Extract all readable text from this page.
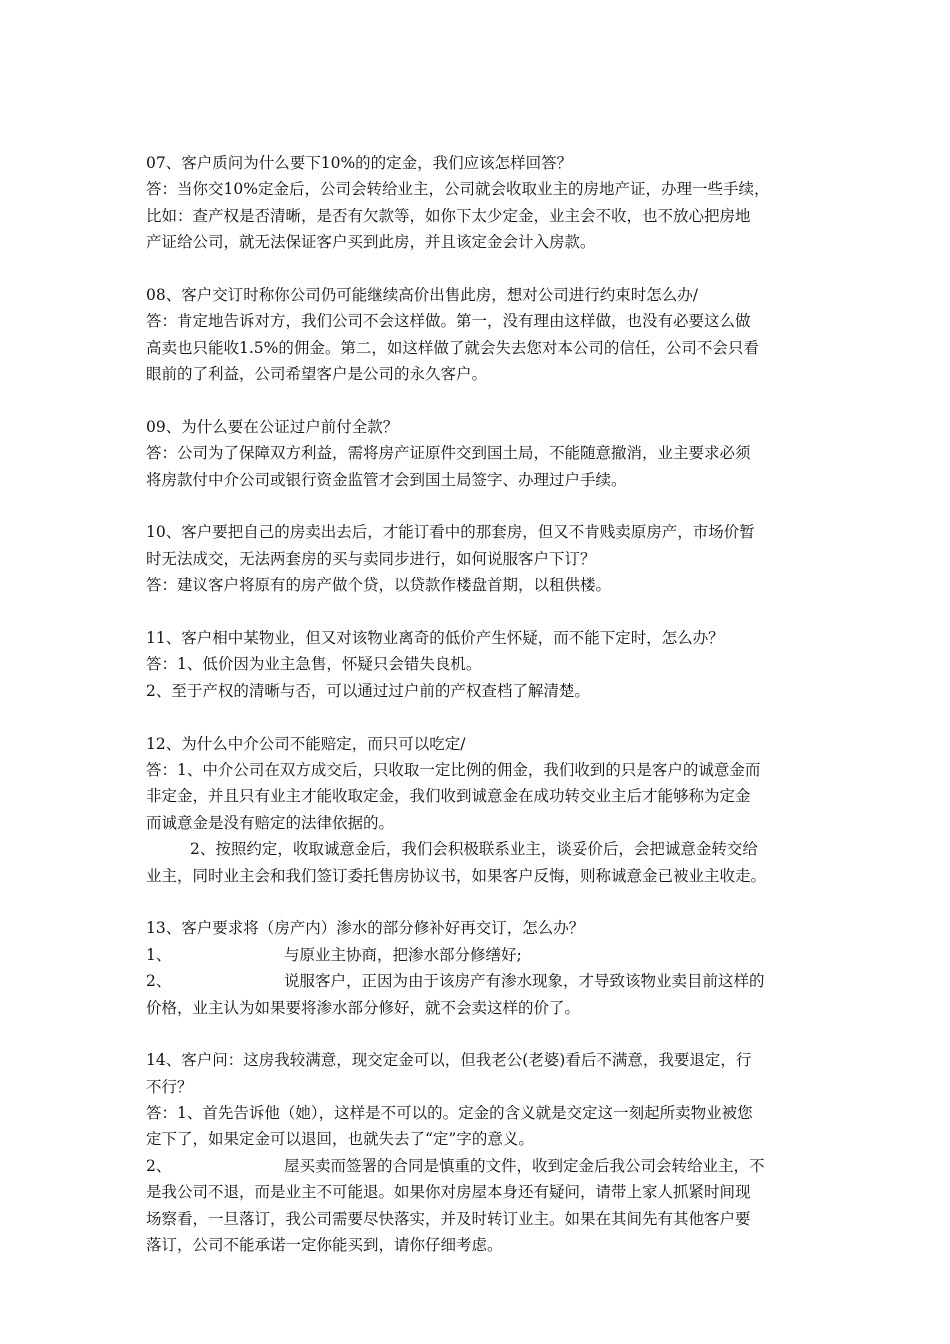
07、客户质问为什么要下10%的的定金，我们应该怎样回答？
答：当你交10%定金后，公司会转给业主，公司就会收取业主的房地产证，办理一些手续，
比如：查产权是否清晰，是否有欠款等，如你下太少定金，业主会不收，也不放心把房地
产证给公司，就无法保证客户买到此房，并且该定金会计入房款。
08、客户交订时称你公司仍可能继续高价出售此房，想对公司进行约束时怎么办/
答：肯定地告诉对方，我们公司不会这样做。第一，没有理由这样做，也没有必要这么做
高卖也只能收1.5%的佣金。第二，如这样做了就会失去您对本公司的信任，公司不会只看
眼前的了利益，公司希望客户是公司的永久客户。
09、为什么要在公证过户前付全款？
答：公司为了保障双方利益，需将房产证原件交到国土局，不能随意撤消，业主要求必须
将房款付中介公司或银行资金监管才会到国土局签字、办理过户手续。
10、客户要把自己的房卖出去后，才能订看中的那套房，但又不肯贱卖原房产，市场价暂
时无法成交，无法两套房的买与卖同步进行，如何说服客户下订？
答：建议客户将原有的房产做个贷，以贷款作楼盘首期，以租供楼。
11、客户相中某物业，但又对该物业离奇的低价产生怀疑，而不能下定时，怎么办？
答：1、低价因为业主急售，怀疑只会错失良机。
2、至于产权的清晰与否，可以通过过户前的产权查档了解清楚。
12、为什么中介公司不能赔定，而只可以吃定/
答：1、中介公司在双方成交后，只收取一定比例的佣金，我们收到的只是客户的诚意金而
非定金，并且只有业主才能收取定金，我们收到诚意金在成功转交业主后才能够称为定金
而诚意金是没有赔定的法律依据的。
2、按照约定，收取诚意金后，我们会积极联系业主，谈妥价后，会把诚意金转交给
业主，同时业主会和我们签订委托售房协议书，如果客户反悔，则称诚意金已被业主收走。
13、客户要求将（房产内）渗水的部分修补好再交订，怎么办？
1、	与原业主协商，把渗水部分修缮好;
2、	说服客户，正因为由于该房产有渗水现象，才导致该物业卖目前这样的
价格，业主认为如果要将渗水部分修好，就不会卖这样的价了。
14、客户问：这房我较满意，现交定金可以，但我老公(老婆)看后不满意，我要退定，行
不行？
答：1、首先告诉他（她），这样是不可以的。定金的含义就是交定这一刻起所卖物业被您
定下了，如果定金可以退回，也就失去了“定”字的意义。
2、	屋买卖而签署的合同是慎重的文件，收到定金后我公司会转给业主，不
是我公司不退，而是业主不可能退。如果你对房屋本身还有疑问，请带上家人抓紧时间现
场察看，一旦落订，我公司需要尽快落实，并及时转订业主。如果在其间先有其他客户要
落订，公司不能承诺一定你能买到，请你仔细考虑。
